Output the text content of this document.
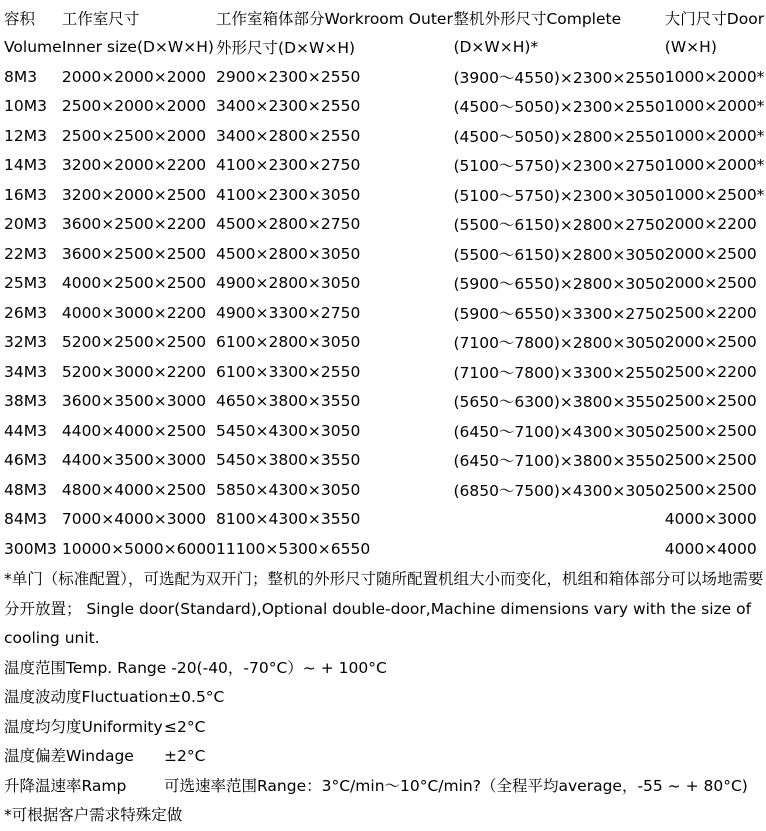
容积	工作室尺寸	工作室箱体部分Workroom Outer	整机外形尺寸Complete	大门尺寸Door
Volume	Inner size(D×W×H)	外形尺寸(D×W×H)	(D×W×H)*	(W×H)
8M3	2000×2000×2000	2900×2300×2550	(3900～4550)×2300×2550	1000×2000*
10M3	2500×2000×2000	3400×2300×2550	(4500～5050)×2300×2550	1000×2000*
12M3	2500×2500×2000	3400×2800×2550	(4500～5050)×2800×2550	1000×2000*
14M3	3200×2000×2200	4100×2300×2750	(5100～5750)×2300×2750	1000×2000*
16M3	3200×2000×2500	4100×2300×3050	(5100～5750)×2300×3050	1000×2500*
20M3	3600×2500×2200	4500×2800×2750	(5500～6150)×2800×2750	2000×2200
22M3	3600×2500×2500	4500×2800×3050	(5500～6150)×2800×3050	2000×2500
25M3	4000×2500×2500	4900×2800×3050	(5900～6550)×2800×3050	2000×2500
26M3	4000×3000×2200	4900×3300×2750	(5900～6550)×3300×2750	2500×2200
32M3	5200×2500×2500	6100×2800×3050	(7100～7800)×2800×3050	2000×2500
34M3	5200×3000×2200	6100×3300×2550	(7100～7800)×3300×2550	2500×2200
38M3	3600×3500×3000	4650×3800×3550	(5650～6300)×3800×3550	2500×2500
44M3	4400×4000×2500	5450×4300×3050	(6450～7100)×4300×3050	2500×2500
46M3	4400×3500×3000	5450×3800×3550	(6450～7100)×3800×3550	2500×2500
48M3	4800×4000×2500	5850×4300×3050	(6850～7500)×4300×3050	2500×2500
84M3	7000×4000×3000	8100×4300×3550		4000×3000
300M3	10000×5000×6000	11100×5300×6550		4000×4000

*单门（标准配置），可选配为双开门；整机的外形尺寸随所配置机组大小而变化，机组和箱体部分可以场地需要分开放置； Single door(Standard),Optional double-door,Machine dimensions vary with the size of cooling unit.

温度范围Temp. Range -20(-40，-70°C）~ + 100°C

温度波动度Fluctuation±0.5°C

温度均匀度Uniformity≤2°C

温度偏差Windage ±2°C

升降温速率Ramp 可选速率范围Range：3°C/min～10°C/min?（全程平均average，-55 ~ + 80°C)

*可根据客户需求特殊定做
